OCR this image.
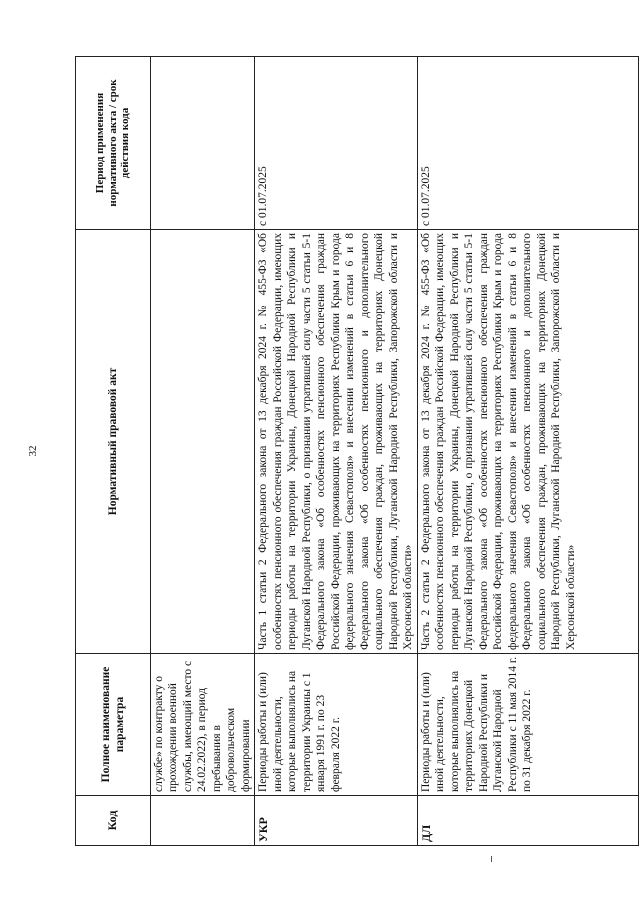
32
Код	Полное наименование параметра	Нормативный правовой акт	Период применения нормативного акта / срок действия кода
	службе» по контракту о прохождении военной службы, имеющий место с 24.02.2022), в период пребывания в добровольческом формировании		
УКР	Периоды работы и (или) иной деятельности, которые выполнялись на территории Украины с 1 января 1991 г. по 23 февраля 2022 г.	Часть 1 статьи 2 Федерального закона от 13 декабря 2024 г. № 455-ФЗ «Об особенностях пенсионного обеспечения граждан Российской Федерации, имеющих периоды работы на территории Украины, Донецкой Народной Республики и Луганской Народной Республики, о признании утратившей силу части 5 статьи 5-1 Федерального закона «Об особенностях пенсионного обеспечения граждан Российской Федерации, проживающих на территориях Республики Крым и города федерального значения Севастополя» и внесении изменений в статьи 6 и 8 Федерального закона «Об особенностях пенсионного и дополнительного социального обеспечения граждан, проживающих на территориях Донецкой Народной Республики, Луганской Народной Республики, Запорожской области и Херсонской области»	с 01.07.2025
ДЛ	Периоды работы и (или) иной деятельности, которые выполнялись на территориях Донецкой Народной Республики и Луганской Народной Республики с 11 мая 2014 г. по 31 декабря 2022 г.	Часть 2 статьи 2 Федерального закона от 13 декабря 2024 г. № 455-ФЗ «Об особенностях пенсионного обеспечения граждан Российской Федерации, имеющих периоды работы на территории Украины, Донецкой Народной Республики и Луганской Народной Республики, о признании утратившей силу части 5 статьи 5-1 Федерального закона «Об особенностях пенсионного обеспечения граждан Российской Федерации, проживающих на территориях Республики Крым и города федерального значения Севастополя» и внесении изменений в статьи 6 и 8 Федерального закона «Об особенностях пенсионного и дополнительного социального обеспечения граждан, проживающих на территориях Донецкой Народной Республики, Луганской Народной Республики, Запорожской области и Херсонской области»	с 01.07.2025
